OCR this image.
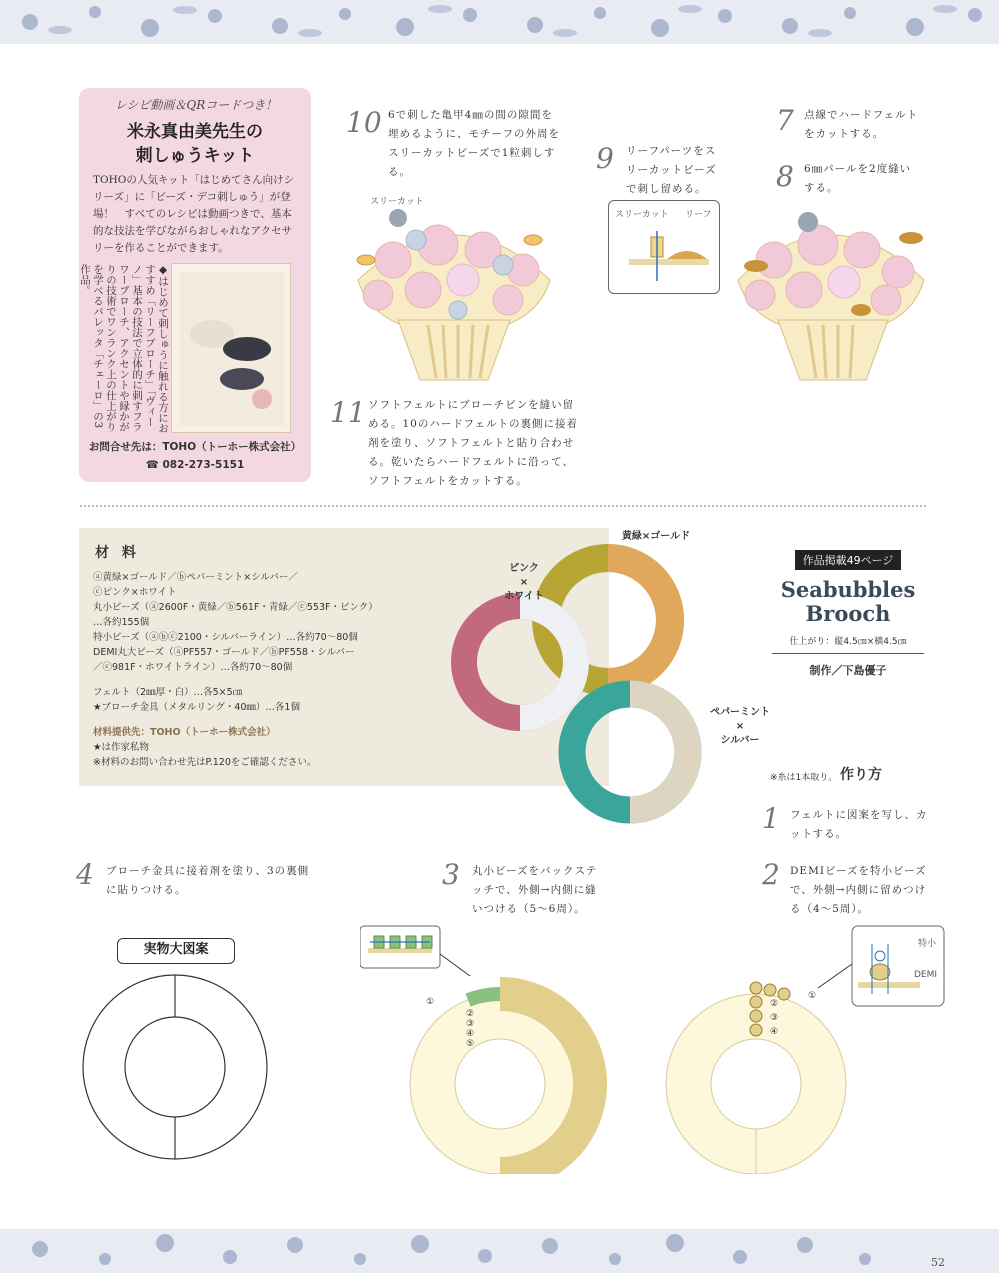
52
レシピ動画＆QRコードつき！
米永真由美先生の
刺しゅうキット
TOHOの人気キット「はじめてさん向けシリーズ」に「ビーズ・デコ刺しゅう」が登場！　すべてのレシピは動画つきで、基本的な技法を学びながらおしゃれなアクセサリーを作ることができます。
◆はじめて刺しゅうに触れる方におすすめ「リーフブローチ」「ヴィーノ」基本の技法で立体的に刺すフラワーブローチ、アクセントや縁かがりの技術でワンランク上の仕上がりを学べるバレッタ「チェーロ」の3作品。
お問合せ先は：TOHO（トーホー株式会社）
☎ 082-273-5151
10 6で刺した亀甲4㎜の間の隙間を埋めるように、モチーフの外周をスリーカットビーズで1粒刺しする。
スリーカット
11 ソフトフェルトにブローチピンを縫い留める。10のハードフェルトの裏側に接着剤を塗り、ソフトフェルトと貼り合わせる。乾いたらハードフェルトに沿って、ソフトフェルトをカットする。
9 リーフパーツをスリーカットビーズで刺し留める。
スリーカット リーフ
7 点線でハードフェルトをカットする。
8 6㎜パールを2度縫いする。
材 料
ⓐ黄緑×ゴールド／ⓑペパーミント×シルバー／
ⓒピンク×ホワイト
丸小ビーズ（ⓐ2600F・黄緑／ⓑ561F・青緑／ⓒ553F・ピンク）
…各約155個
特小ビーズ（ⓐⓑⓒ2100・シルバーライン）…各約70～80個
DEMI丸大ビーズ（ⓐPF557・ゴールド／ⓑPF558・シルバー
／ⓒ981F・ホワイトライン）…各約70～80個
フェルト（2㎜厚・白）…各5×5㎝
★ブローチ金具（メタルリング・40㎜）…各1個
材料提供先：TOHO（トーホー株式会社）
★は作家私物
※材料のお問い合わせ先はP.120をご確認ください。
ピンク
×
ホワイト
黄緑×ゴールド
ペパーミント
×
シルバー
作品掲載49ページ
Seabubbles
Brooch
仕上がり：縦4.5㎝×横4.5㎝
制作／下島優子
※糸は1本取り。 作り方
1 フェルトに図案を写し、カットする。
2 DEMIビーズを特小ビーズで、外側→内側に留めつける（4～5周）。
3 丸小ビーズをバックステッチで、外側→内側に縫いつける（5～6周）。
4 ブローチ金具に接着剤を塗り、3の裏側に貼りつける。
実物大図案
①
②
③
④
⑤
①
②
③
④
特小
DEMI
